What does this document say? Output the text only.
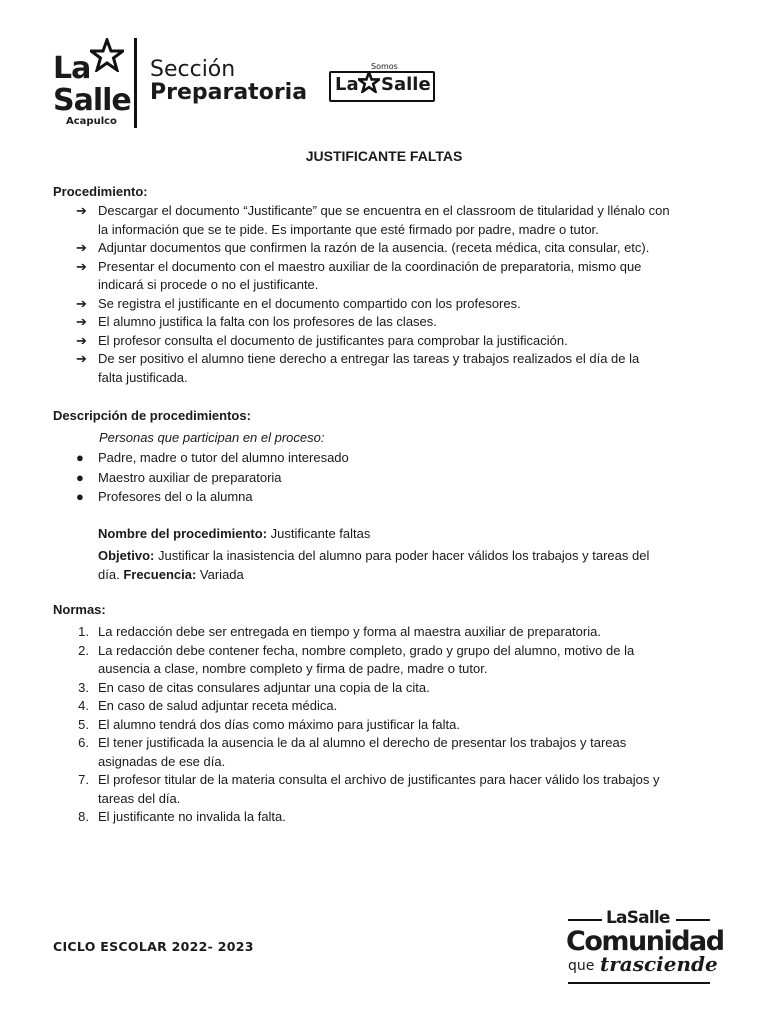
La
Salle
Acapulco
Sección
Preparatoria
Somos
La Salle
JUSTIFICANTE FALTAS
Procedimiento:
➔ Descargar el documento “Justificante” que se encuentra en el classroom de titularidad y llénalo con
la información que se te pide. Es importante que esté firmado por padre, madre o tutor.
➔ Adjuntar documentos que confirmen la razón de la ausencia. (receta médica, cita consular, etc).
➔ Presentar el documento con el maestro auxiliar de la coordinación de preparatoria, mismo que
indicará si procede o no el justificante.
➔ Se registra el justificante en el documento compartido con los profesores.
➔ El alumno justifica la falta con los profesores de las clases.
➔ El profesor consulta el documento de justificantes para comprobar la justificación.
➔ De ser positivo el alumno tiene derecho a entregar las tareas y trabajos realizados el día de la
falta justificada.
Descripción de procedimientos:
Personas que participan en el proceso:
● Padre, madre o tutor del alumno interesado
● Maestro auxiliar de preparatoria
● Profesores del o la alumna
Nombre del procedimiento: Justificante faltas
Objetivo: Justificar la inasistencia del alumno para poder hacer válidos los trabajos y tareas del
día. Frecuencia: Variada
Normas:
1. La redacción debe ser entregada en tiempo y forma al maestra auxiliar de preparatoria.
2. La redacción debe contener fecha, nombre completo, grado y grupo del alumno, motivo de la
ausencia a clase, nombre completo y firma de padre, madre o tutor.
3. En caso de citas consulares adjuntar una copia de la cita.
4. En caso de salud adjuntar receta médica.
5. El alumno tendrá dos días como máximo para justificar la falta.
6. El tener justificada la ausencia le da al alumno el derecho de presentar los trabajos y tareas
asignadas de ese día.
7. El profesor titular de la materia consulta el archivo de justificantes para hacer válido los trabajos y
tareas del día.
8. El justificante no invalida la falta.
CICLO ESCOLAR 2022- 2023
LaSalle
Comunidad
que trasciende
